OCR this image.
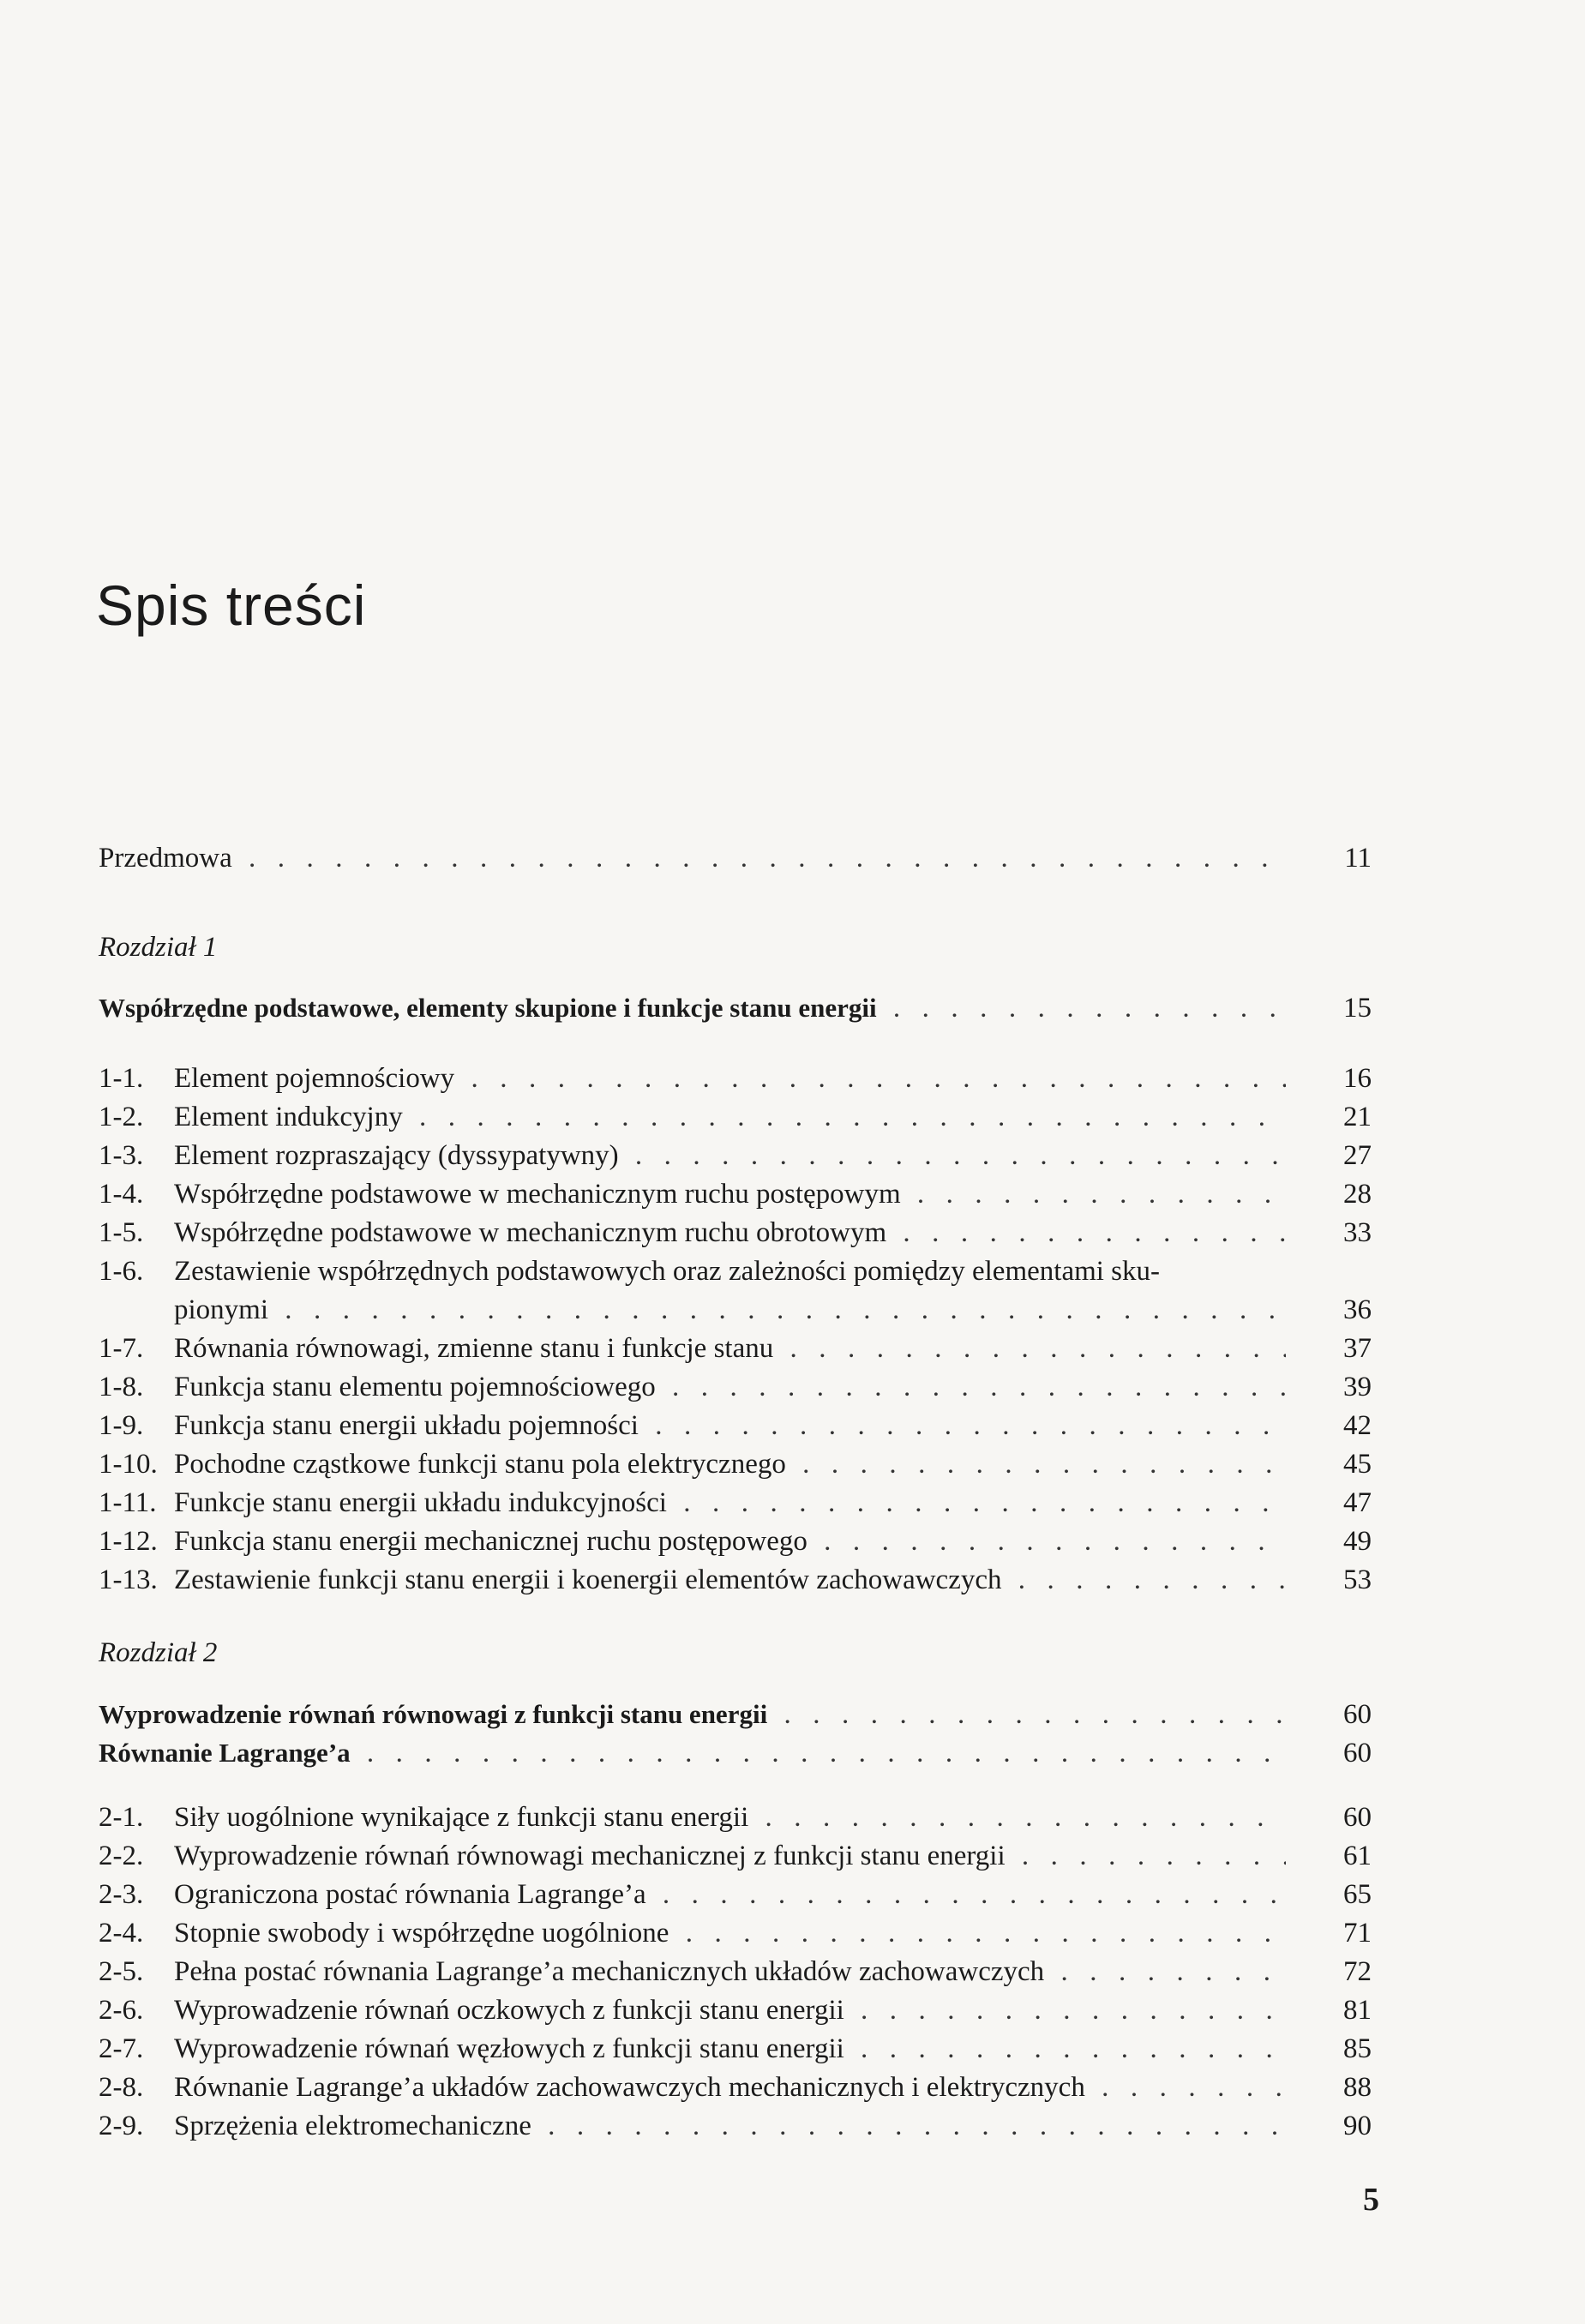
Spis treści
Przedmowa . .	11
Rozdział 1
Współrzędne podstawowe, elementy skupione i funkcje stanu energii . .	15
1-1.	Element pojemnościowy . .	16
1-2.	Element indukcyjny . .	21
1-3.	Element rozpraszający (dyssypatywny) . .	27
1-4.	Współrzędne podstawowe w mechanicznym ruchu postępowym . .	28
1-5.	Współrzędne podstawowe w mechanicznym ruchu obrotowym . .	33
1-6.	Zestawienie współrzędnych podstawowych oraz zależności pomiędzy elementami sku-
pionymi . .	36
1-7.	Równania równowagi, zmienne stanu i funkcje stanu . .	37
1-8.	Funkcja stanu elementu pojemnościowego . .	39
1-9.	Funkcja stanu energii układu pojemności . .	42
1-10. Pochodne cząstkowe funkcji stanu pola elektrycznego . .	45
1-11. Funkcje stanu energii układu indukcyjności . .	47
1-12. Funkcja stanu energii mechanicznej ruchu postępowego . .	49
1-13. Zestawienie funkcji stanu energii i koenergii elementów zachowawczych . .	53
Rozdział 2
Wyprowadzenie równań równowagi z funkcji stanu energii . .	60
Równanie Lagrange’a . .	60
2-1.	Siły uogólnione wynikające z funkcji stanu energii . .	60
2-2.	Wyprowadzenie równań równowagi mechanicznej z funkcji stanu energii . .	61
2-3.	Ograniczona postać równania Lagrange’a . .	65
2-4.	Stopnie swobody i współrzędne uogólnione . .	71
2-5.	Pełna postać równania Lagrange’a mechanicznych układów zachowawczych . .	72
2-6.	Wyprowadzenie równań oczkowych z funkcji stanu energii . .	81
2-7.	Wyprowadzenie równań węzłowych z funkcji stanu energii . .	85
2-8.	Równanie Lagrange’a układów zachowawczych mechanicznych i elektrycznych . .	88
2-9.	Sprzężenia elektromechaniczne . .	90
5
